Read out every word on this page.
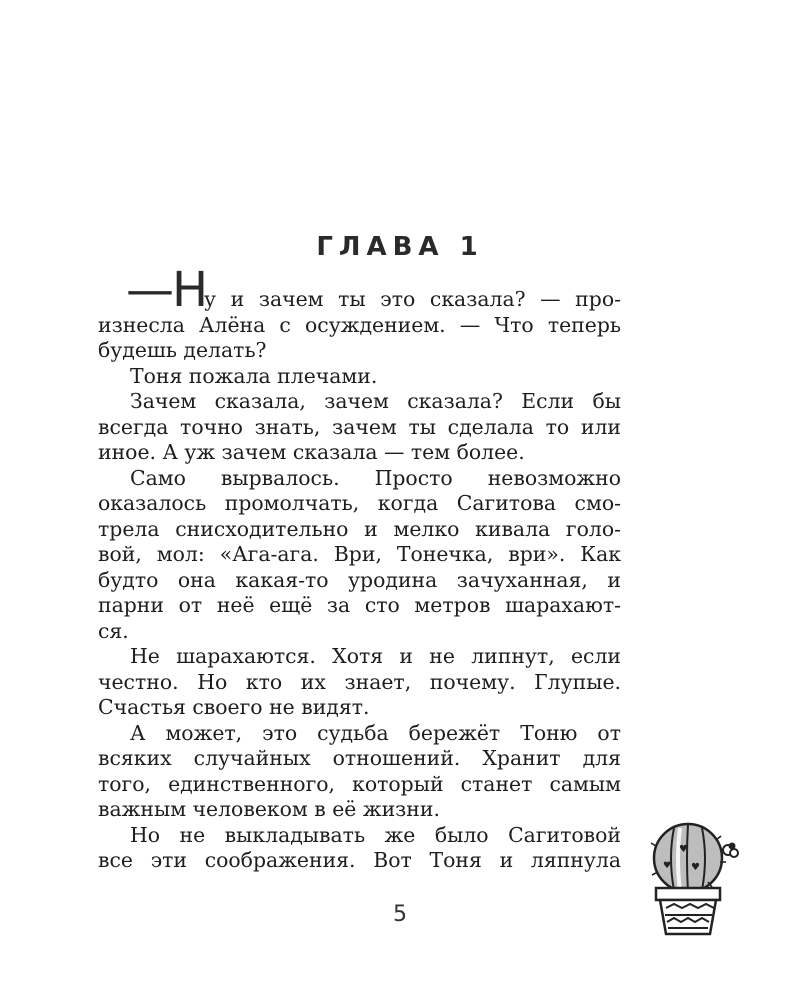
ГЛАВА 1
—Н
у и зачем ты это сказала? — про-
изнесла Алёна с осуждением. — Что теперь
будешь делать?
Тоня пожала плечами.
Зачем сказала, зачем сказала? Если бы
всегда точно знать, зачем ты сделала то или
иное. А уж зачем сказала — тем более.
Само вырвалось. Просто невозможно
оказалось промолчать, когда Сагитова смо-
трела снисходительно и мелко кивала голо-
вой, мол: «Ага-ага. Ври, Тонечка, ври». Как
будто она какая-то уродина зачуханная, и
парни от неё ещё за сто метров шарахают-
ся.
Не шарахаются. Хотя и не липнут, если
честно. Но кто их знает, почему. Глупые.
Счастья своего не видят.
А может, это судьба бережёт Тоню от
всяких случайных отношений. Хранит для
того, единственного, который станет самым
важным человеком в её жизни.
Но не выкладывать же было Сагитовой
все эти соображения. Вот Тоня и ляпнула
5
♥
♥
♥
